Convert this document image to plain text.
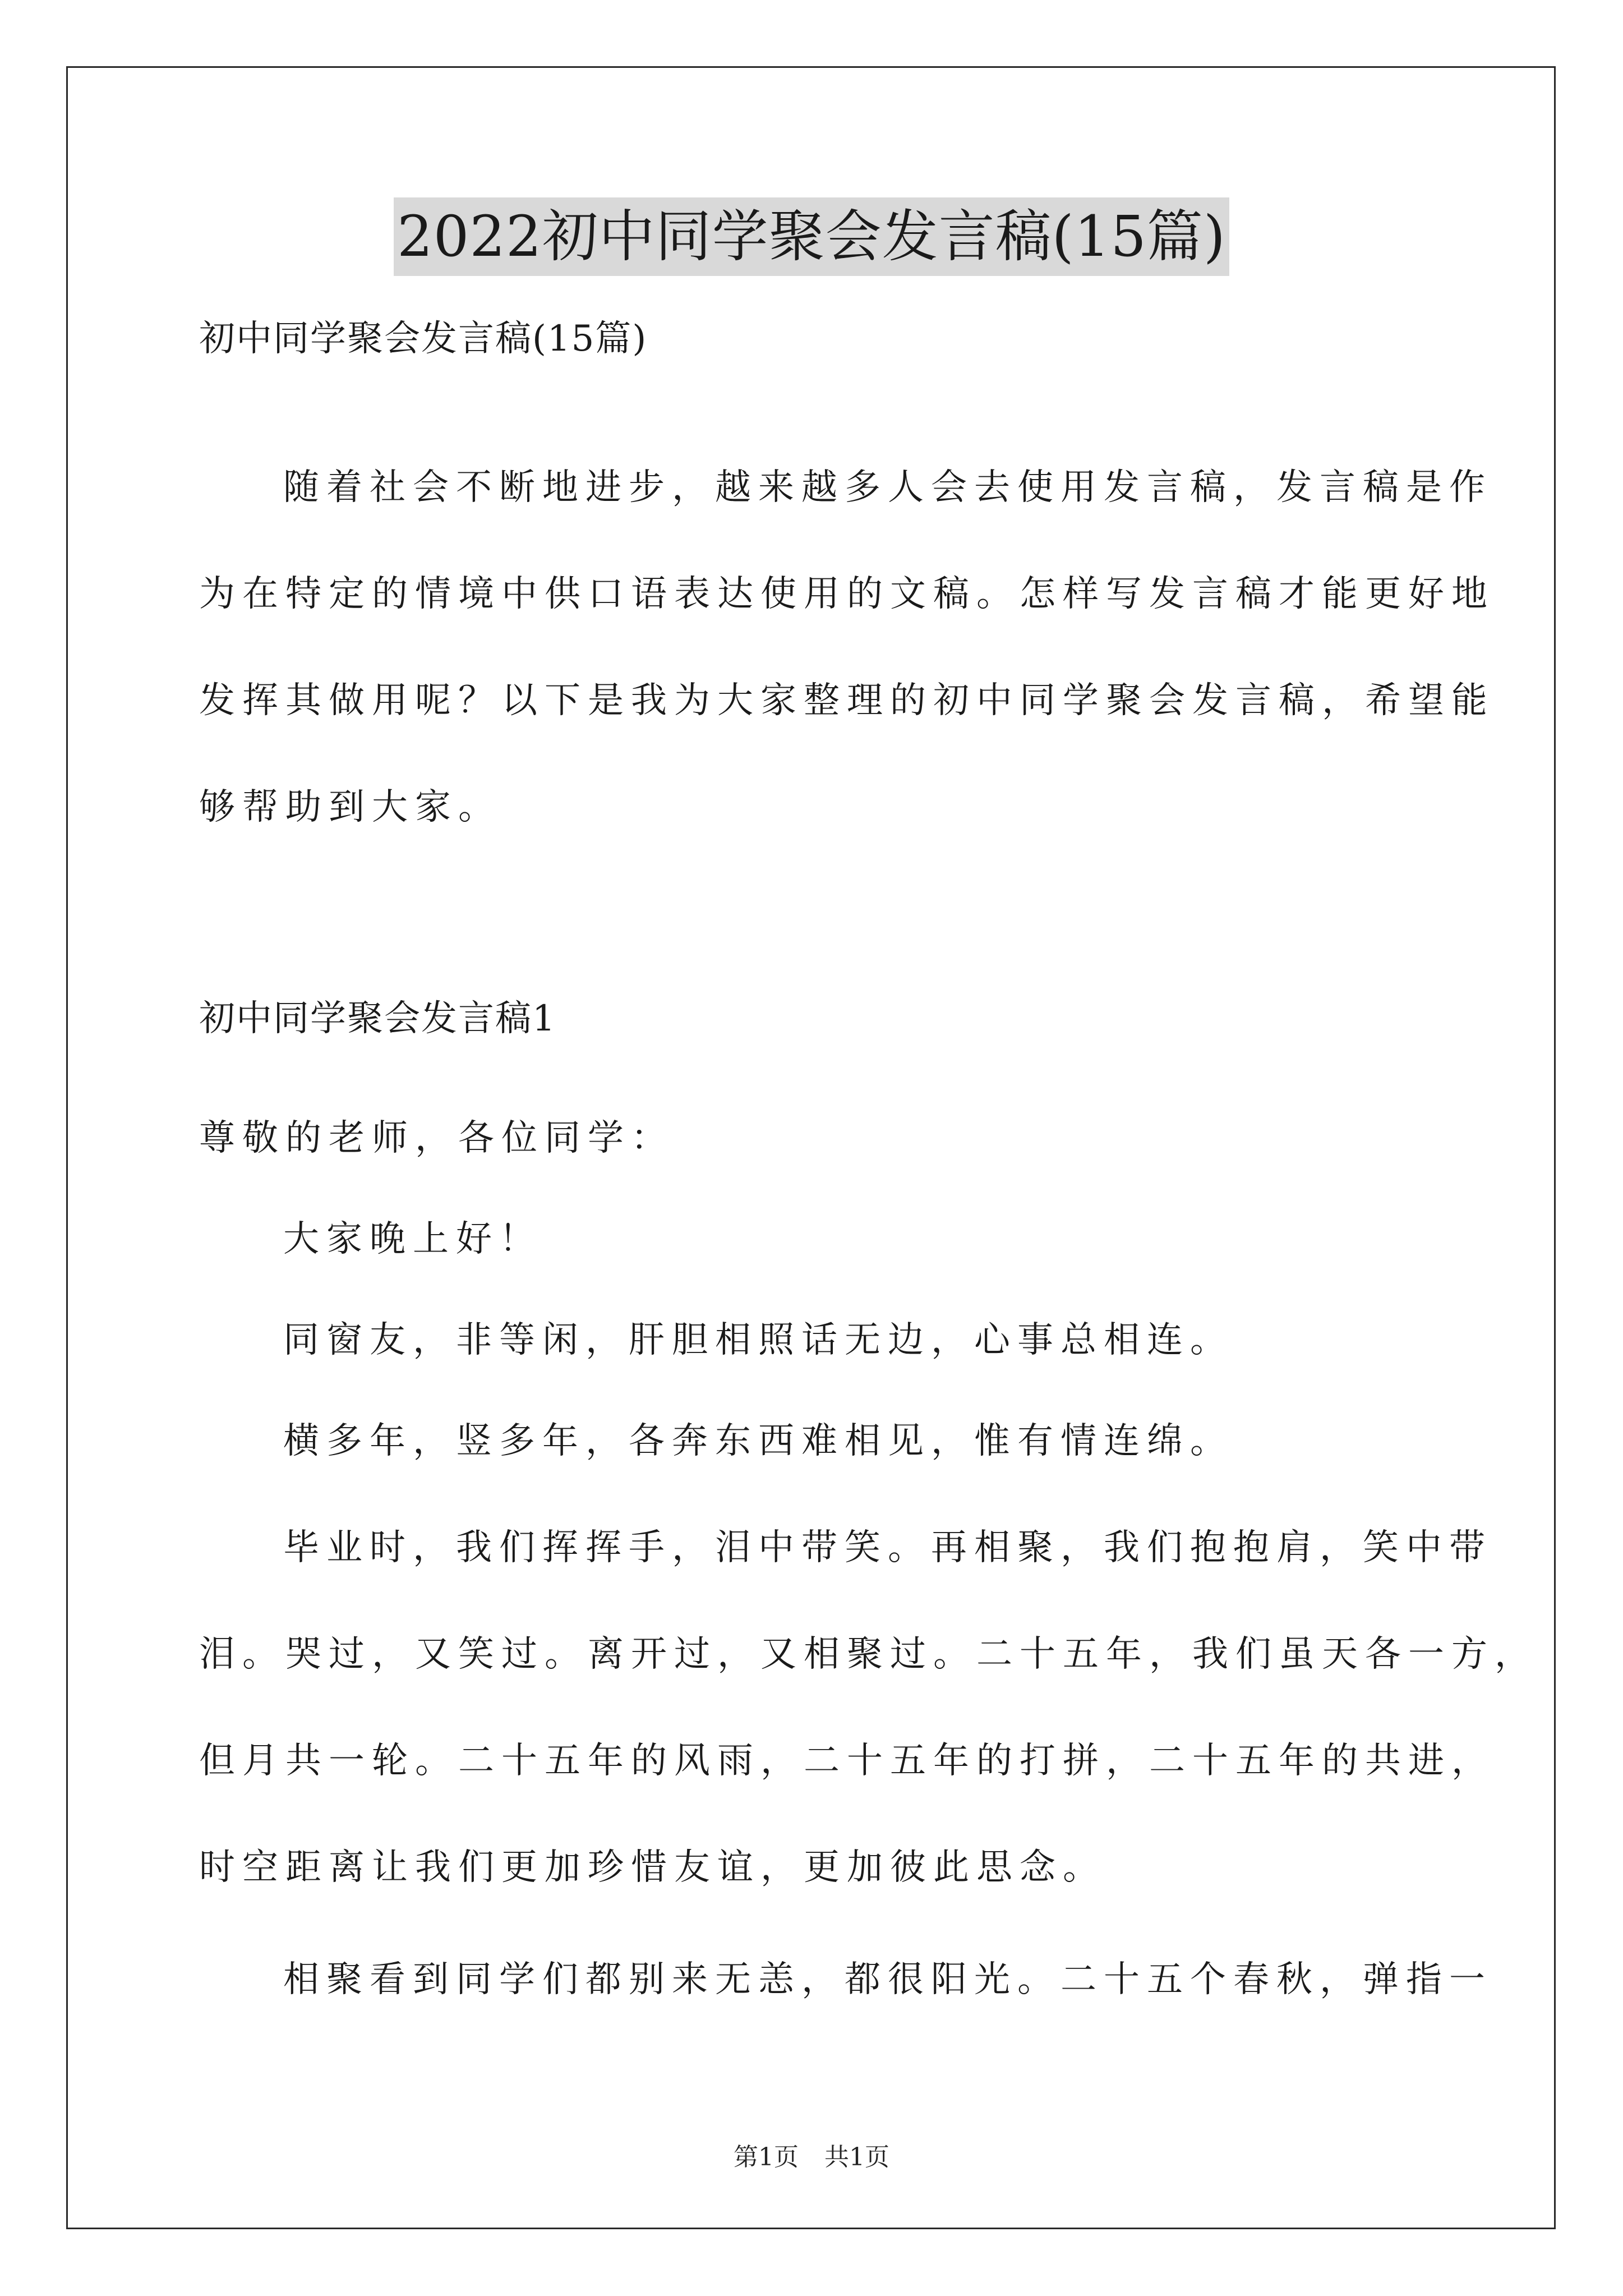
2022初中同学聚会发言稿(15篇)

初中同学聚会发言稿(15篇)

随着社会不断地进步，越来越多人会去使用发言稿，发言稿是作

为在特定的情境中供口语表达使用的文稿。怎样写发言稿才能更好地

发挥其做用呢？以下是我为大家整理的初中同学聚会发言稿，希望能

够帮助到大家。

初中同学聚会发言稿1

尊敬的老师，各位同学：

大家晚上好！

同窗友，非等闲，肝胆相照话无边，心事总相连。

横多年，竖多年，各奔东西难相见，惟有情连绵。

毕业时，我们挥挥手，泪中带笑。再相聚，我们抱抱肩，笑中带

泪。哭过，又笑过。离开过，又相聚过。二十五年，我们虽天各一方，

但月共一轮。二十五年的风雨，二十五年的打拼，二十五年的共进，

时空距离让我们更加珍惜友谊，更加彼此思念。

相聚看到同学们都别来无恙，都很阳光。二十五个春秋，弹指一

第1页 共1页
